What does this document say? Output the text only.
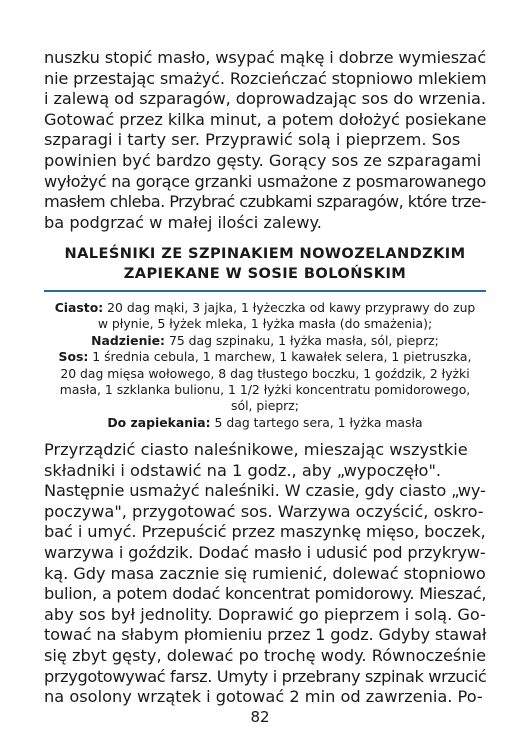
nuszku stopić masło, wsypać mąkę i dobrze wymieszać
nie przestając smażyć. Rozcieńczać stopniowo mlekiem
i zalewą od szparagów, doprowadzając sos do wrzenia.
Gotować przez kilka minut, a potem dołożyć posiekane
szparagi i tarty ser. Przyprawić solą i pieprzem. Sos
powinien być bardzo gęsty. Gorący sos ze szparagami
wyłożyć na gorące grzanki usmażone z posmarowanego
masłem chleba. Przybrać czubkami szparagów, które trze-
ba podgrzać w małej ilości zalewy.
NALEŚNIKI ZE SZPINAKIEM NOWOZELANDZKIM
ZAPIEKANE W SOSIE BOLOŃSKIM
Ciasto: 20 dag mąki, 3 jajka, 1 łyżeczka od kawy przyprawy do zup
w płynie, 5 łyżek mleka, 1 łyżka masła (do smażenia);
Nadzienie: 75 dag szpinaku, 1 łyżka masła, sól, pieprz;
Sos: 1 średnia cebula, 1 marchew, 1 kawałek selera, 1 pietruszka,
20 dag mięsa wołowego, 8 dag tłustego boczku, 1 goździk, 2 łyżki
masła, 1 szklanka bulionu, 1 1/2 łyżki koncentratu pomidorowego,
sól, pieprz;
Do zapiekania: 5 dag tartego sera, 1 łyżka masła
Przyrządzić ciasto naleśnikowe, mieszając wszystkie
składniki i odstawić na 1 godz., aby „wypoczęło".
Następnie usmażyć naleśniki. W czasie, gdy ciasto „wy-
poczywa", przygotować sos. Warzywa oczyścić, oskro-
bać i umyć. Przepuścić przez maszynkę mięso, boczek,
warzywa i goździk. Dodać masło i udusić pod przykryw-
ką. Gdy masa zacznie się rumienić, dolewać stopniowo
bulion, a potem dodać koncentrat pomidorowy. Mieszać,
aby sos był jednolity. Doprawić go pieprzem i solą. Go-
tować na słabym płomieniu przez 1 godz. Gdyby stawał
się zbyt gęsty, dolewać po trochę wody. Równocześnie
przygotowywać farsz. Umyty i przebrany szpinak wrzucić
na osolony wrzątek i gotować 2 min od zawrzenia. Po-
82
